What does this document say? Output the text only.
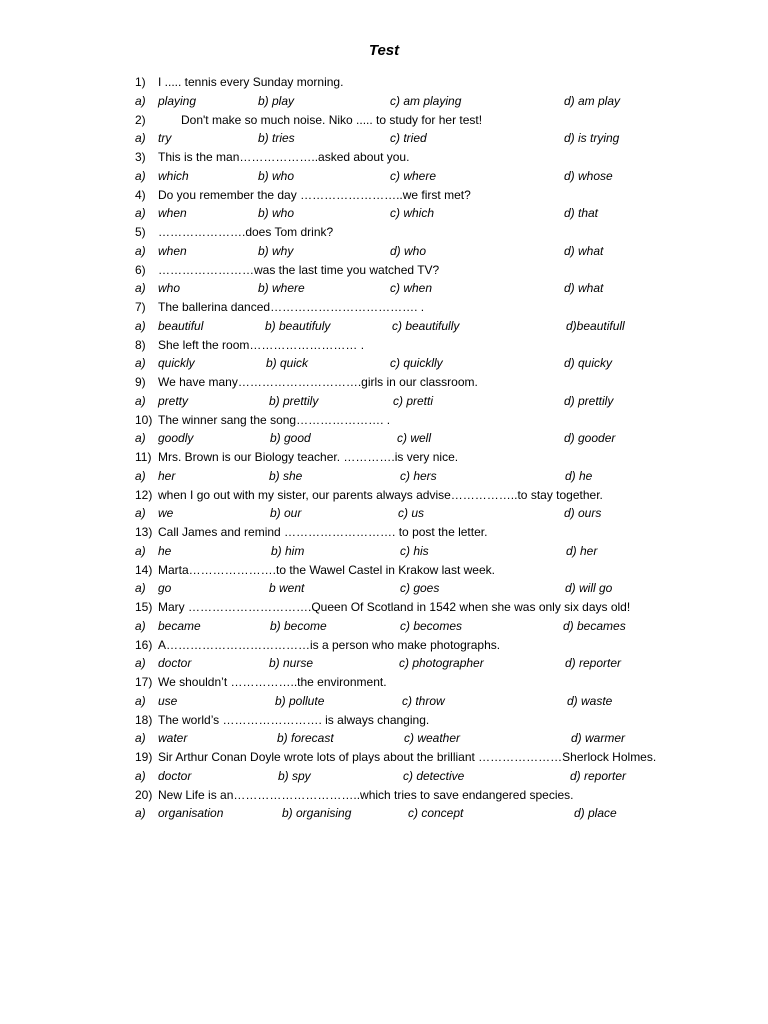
Test
1) I ..... tennis every Sunday morning.
a) playing	b) play	c) am playing	d) am play
2)	Don't make so much noise. Niko ..... to study for her test!
a) try	b) tries	c) tried	d) is trying
3) This is the man………………..asked about you.
a) which	b) who	c) where	d) whose
4) Do you remember the day ……………………..we first met?
a) when	b) who	c) which	d) that
5) ………………….does Tom drink?
a) when	b) why	d) who	d) what
6) ……………………was the last time you watched TV?
a) who	b) where	c) when	d) what
7) The ballerina danced………………………………. .
a) beautiful	b) beautifuly	c) beautifully	d)beautifull
8) She left the room……………………… .
a) quickly	b) quick	c) quicklly	d) quicky
9) We have many………………………….girls in our classroom.
a) pretty	b) prettily	c) pretti	d) prettily
10) The winner sang the song…………………. .
a) goodly	b) good	c) well	d) gooder
11) Mrs. Brown is our Biology teacher. ………….is very nice.
a) her	b) she	c) hers	d) he
12) when I go out with my sister, our parents always advise……………..to stay together.
a) we	b) our	c) us	d) ours
13) Call James and remind ………………………. to post the letter.
a) he	b) him	c) his	d) her
14) Marta………………….to the Wawel Castel in Krakow last week.
a) go	b went	c) goes	d) will go
15) Mary ………………………….Queen Of Scotland in 1542 when she was only six days old!
a) became	b) become	c) becomes	d) becames
16) A………………………………is a person who make photographs.
a) doctor	b) nurse	c) photographer	d) reporter
17) We shouldn’t ……………..the environment.
a) use	b) pollute	c) throw	d) waste
18) The world’s ……………………. is always changing.
a) water	b) forecast	c) weather	d) warmer
19) Sir Arthur Conan Doyle wrote lots of plays about the brilliant …………………Sherlock Holmes.
a) doctor	b) spy	c) detective	d) reporter
20) New Life is an…………………………..which tries to save endangered species.
a) organisation	b) organising	c) concept	d) place
